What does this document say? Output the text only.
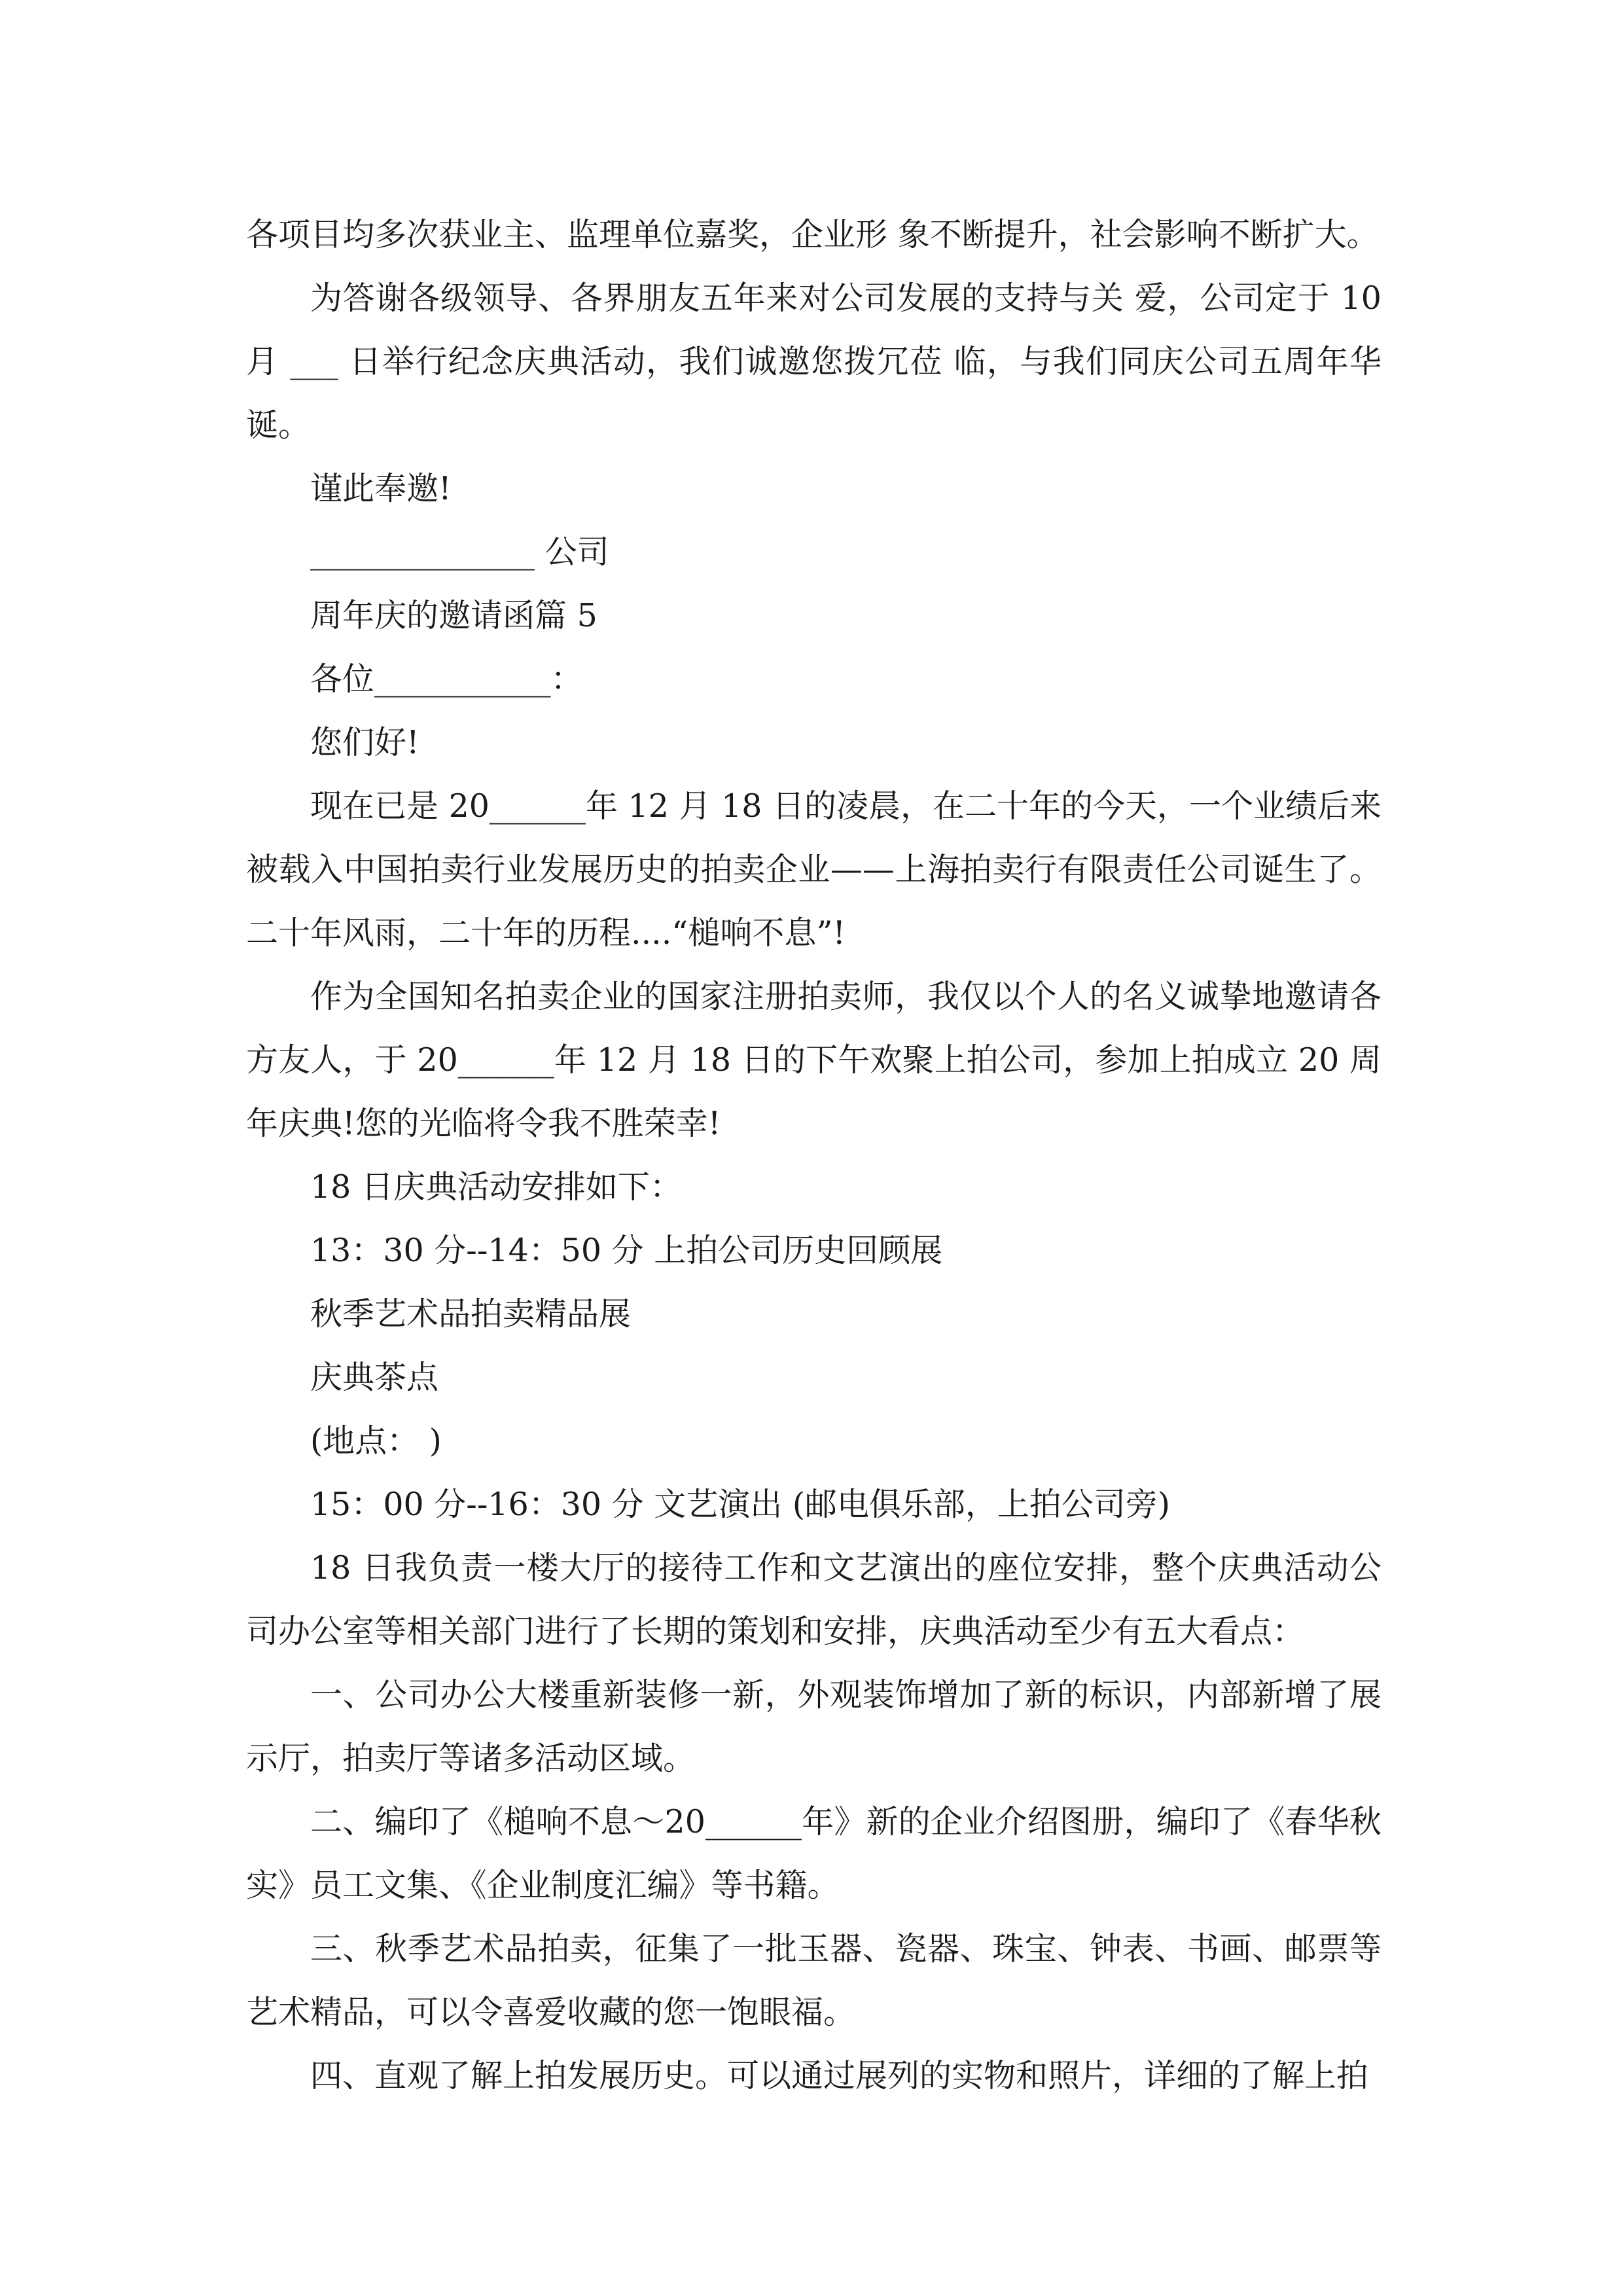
各项目均多次获业主、监理单位嘉奖，企业形 象不断提升，社会影响不断扩大。

为答谢各级领导、各界朋友五年来对公司发展的支持与关 爱，公司定于 10 月 ___ 日举行纪念庆典活动，我们诚邀您拨冗莅 临，与我们同庆公司五周年华诞。

谨此奉邀!

______________ 公司

周年庆的邀请函篇 5

各位___________：

您们好!

现在已是 20______年 12 月 18 日的凌晨，在二十年的今天，一个业绩后来被载入中国拍卖行业发展历史的拍卖企业——上海拍卖行有限责任公司诞生了。二十年风雨，二十年的历程....“槌响不息”!

作为全国知名拍卖企业的国家注册拍卖师，我仅以个人的名义诚挚地邀请各方友人，于 20______年 12 月 18 日的下午欢聚上拍公司，参加上拍成立 20 周年庆典!您的光临将令我不胜荣幸!

18 日庆典活动安排如下：

13：30 分--14：50 分 上拍公司历史回顾展

秋季艺术品拍卖精品展

庆典茶点

(地点： )

15：00 分--16：30 分 文艺演出 (邮电俱乐部，上拍公司旁)

18 日我负责一楼大厅的接待工作和文艺演出的座位安排，整个庆典活动公司办公室等相关部门进行了长期的策划和安排，庆典活动至少有五大看点：

一、公司办公大楼重新装修一新，外观装饰增加了新的标识，内部新增了展示厅，拍卖厅等诸多活动区域。

二、编印了《槌响不息～20______年》新的企业介绍图册，编印了《春华秋实》员工文集、《企业制度汇编》等书籍。

三、秋季艺术品拍卖，征集了一批玉器、瓷器、珠宝、钟表、书画、邮票等艺术精品，可以令喜爱收藏的您一饱眼福。

四、直观了解上拍发展历史。可以通过展列的实物和照片，详细的了解上拍
